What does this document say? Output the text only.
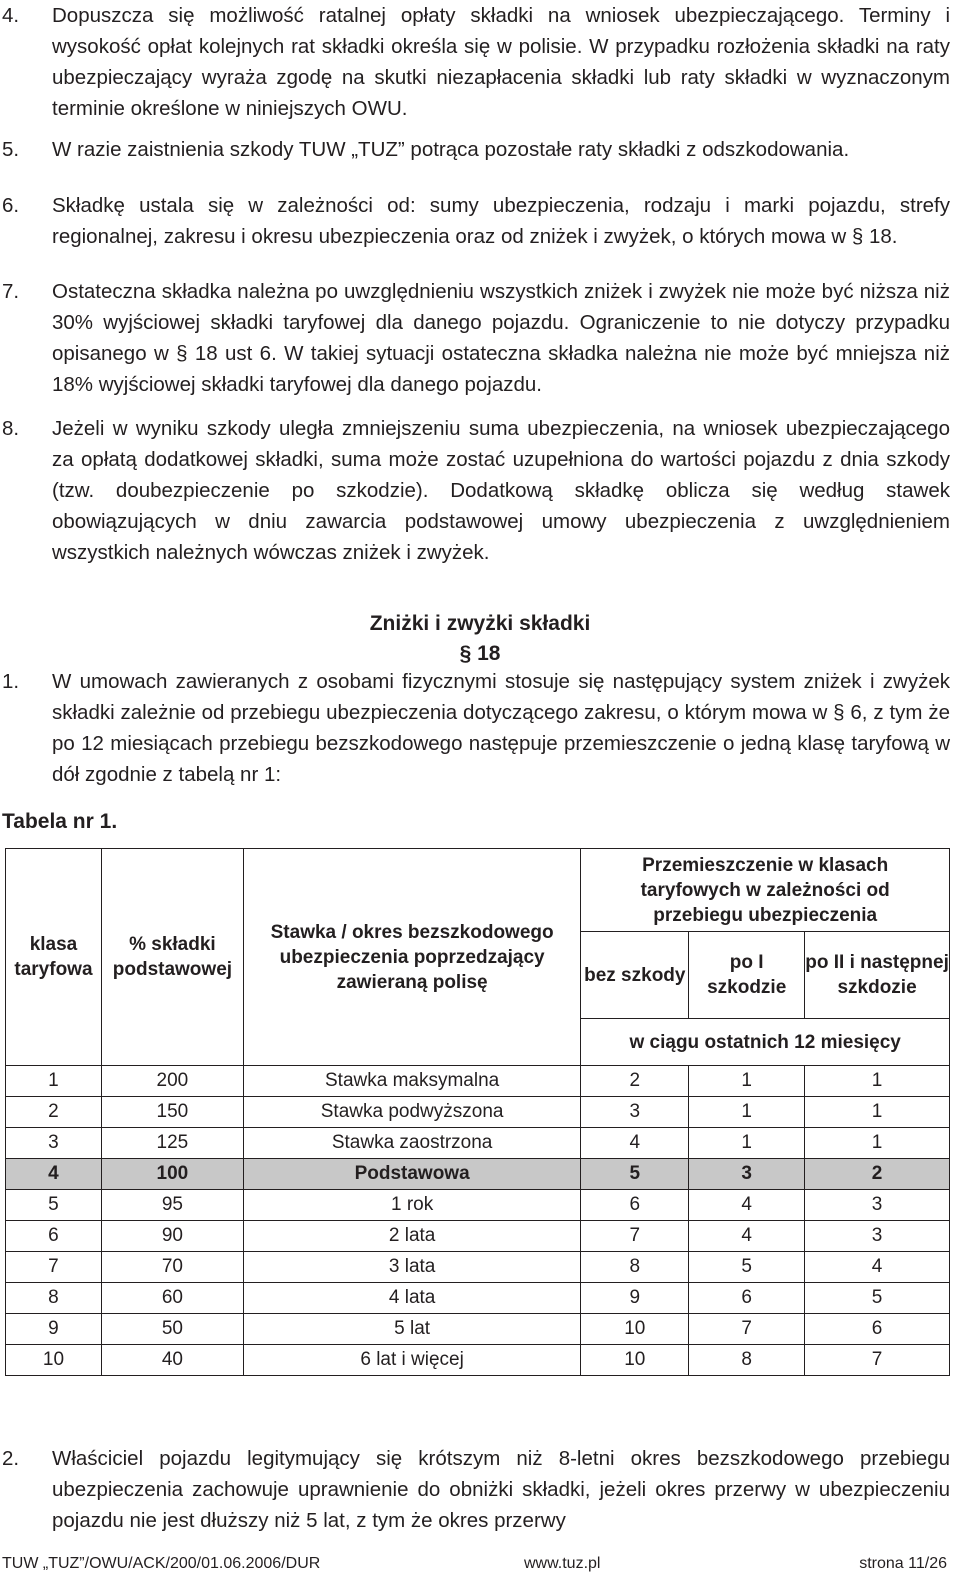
4.	Dopuszcza się możliwość ratalnej opłaty składki na wniosek ubezpieczającego. Terminy i wysokość opłat kolejnych rat składki określa się w polisie. W przypadku rozłożenia składki na raty ubezpieczający wyraża zgodę na skutki niezapłacenia składki lub raty składki w wyznaczonym terminie określone w niniejszych OWU.
5.	W razie zaistnienia szkody TUW „TUZ” potrąca pozostałe raty składki z odszkodowania.
6.	Składkę ustala się w zależności od: sumy ubezpieczenia, rodzaju i marki pojazdu, strefy regionalnej, zakresu i okresu ubezpieczenia oraz od zniżek i zwyżek, o których mowa w § 18.
7.	Ostateczna składka należna po uwzględnieniu wszystkich zniżek i zwyżek nie może być niższa niż 30% wyjściowej składki taryfowej dla danego pojazdu. Ograniczenie to nie dotyczy przypadku opisanego w § 18 ust 6. W takiej sytuacji ostateczna składka należna nie może być mniejsza niż 18% wyjściowej składki taryfowej dla danego pojazdu.
8.	Jeżeli w wyniku szkody uległa zmniejszeniu suma ubezpieczenia, na wniosek ubezpieczającego za opłatą dodatkowej składki, suma może zostać uzupełniona do wartości pojazdu z dnia szkody (tzw. doubezpieczenie po szkodzie). Dodatkową składkę oblicza się według stawek obowiązujących w dniu zawarcia podstawowej umowy ubezpieczenia z uwzględnieniem wszystkich należnych wówczas zniżek i zwyżek.
Zniżki i zwyżki składki
§ 18
1.	W umowach zawieranych z osobami fizycznymi stosuje się następujący system zniżek i zwyżek składki zależnie od przebiegu ubezpieczenia dotyczącego zakresu, o którym mowa w § 6, z tym że po 12 miesiącach przebiegu bezszkodowego następuje przemieszczenie o jedną klasę taryfową w dół zgodnie z tabelą nr 1:
Tabela nr 1.
klasa taryfowa	% składki podstawowej	Stawka / okres bezszkodowego ubezpieczenia poprzedzający zawieraną polisę	Przemieszczenie w klasach taryfowych w zależności od przebiegu ubezpieczenia		
			bez szkody	po I szkodzie	po II i następnej szkdozie
			w ciągu ostatnich 12 miesięcy		
1	200	Stawka maksymalna	2	1	1
2	150	Stawka podwyższona	3	1	1
3	125	Stawka zaostrzona	4	1	1
4	100	Podstawowa	5	3	2
5	95	1 rok	6	4	3
6	90	2 lata	7	4	3
7	70	3 lata	8	5	4
8	60	4 lata	9	6	5
9	50	5 lat	10	7	6
10	40	6 lat i więcej	10	8	7
2.	Właściciel pojazdu legitymujący się krótszym niż 8-letni okres bezszkodowego przebiegu ubezpieczenia zachowuje uprawnienie do obniżki składki, jeżeli okres przerwy w ubezpieczeniu pojazdu nie jest dłuższy niż 5 lat, z tym że okres przerwy
TUW „TUZ”/OWU/ACK/200/01.06.2006/DUR	www.tuz.pl	strona 11/26
